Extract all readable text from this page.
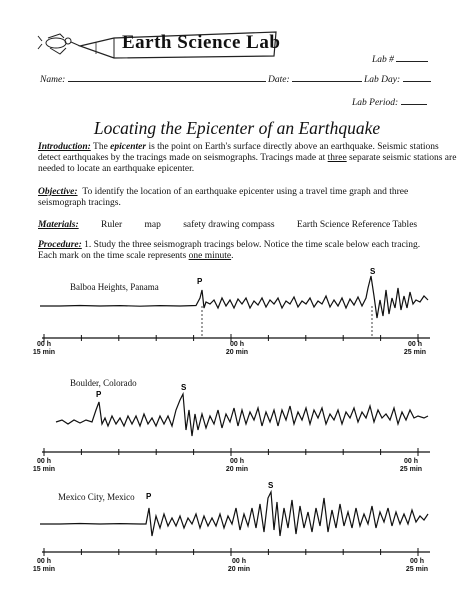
Earth Science Lab
Lab #
Name:	Date:	Lab Day:
Lab Period:
Locating the Epicenter of an Earthquake
Introduction: The epicenter is the point on Earth's surface directly above an earthquake. Seismic stations
detect earthquakes by the tracings made on seismographs. Tracings made at three separate seismic stations are
needed to locate an earthquake epicenter.
Objective: To identify the location of an earthquake epicenter using a travel time graph and three
seismograph tracings.
Materials: Ruler map safety drawing compass Earth Science Reference Tables
Procedure: 1. Study the three seismograph tracings below. Notice the time scale below each tracing.
Each mark on the time scale represents one minute.
Balboa Heights, Panama
P
S
00 h
15 min
00 h
20 min
00 h
25 min
Boulder, Colorado
P
S
00 h
15 min
00 h
20 min
00 h
25 min
Mexico City, Mexico P
S
00 h
15 min
00 h
20 min
00 h
25 min
